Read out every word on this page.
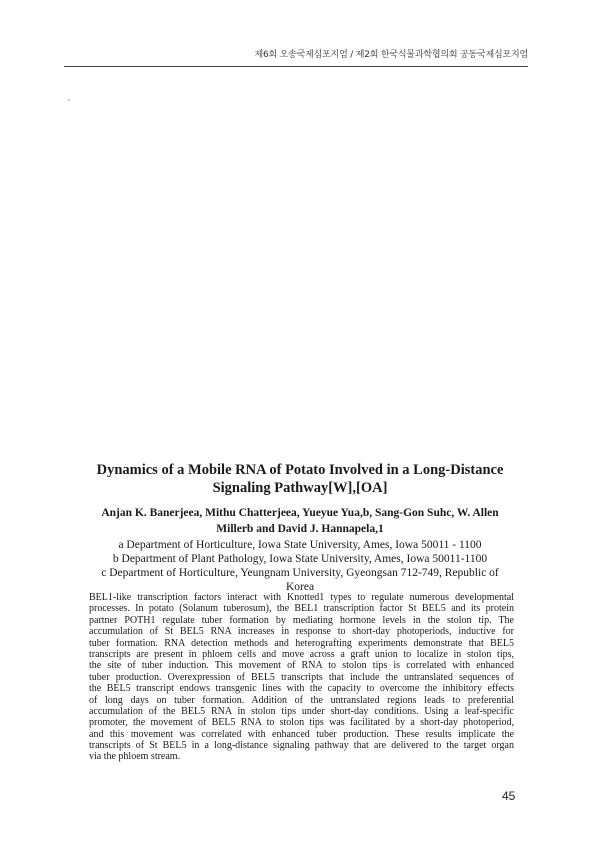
제6회 오송국제심포지엄 / 제2회 한국식물과학협의회 공동국제심포지엄
Dynamics of a Mobile RNA of Potato Involved in a Long-Distance
Signaling Pathway[W],[OA]
Anjan K. Banerjeea, Mithu Chatterjeea, Yueyue Yua,b, Sang-Gon Suhc, W. Allen
Millerb and David J. Hannapela,1
a Department of Horticulture, Iowa State University, Ames, Iowa 50011 - 1100
b Department of Plant Pathology, Iowa State University, Ames, Iowa 50011-1100
c Department of Horticulture, Yeungnam University, Gyeongsan 712-749, Republic of
Korea
BEL1-like transcription factors interact with Knotted1 types to regulate numerous developmental
processes. In potato (Solanum tuberosum), the BEL1 transcription factor St BEL5 and its protein
partner POTH1 regulate tuber formation by mediating hormone levels in the stolon tip. The
accumulation of St BEL5 RNA increases in response to short-day photoperiods, inductive for
tuber formation. RNA detection methods and heterografting experiments demonstrate that BEL5
transcripts are present in phloem cells and move across a graft union to localize in stolon tips,
the site of tuber induction. This movement of RNA to stolon tips is correlated with enhanced
tuber production. Overexpression of BEL5 transcripts that include the untranslated sequences of
the BEL5 transcript endows transgenic lines with the capacity to overcome the inhibitory effects
of long days on tuber formation. Addition of the untranslated regions leads to preferential
accumulation of the BEL5 RNA in stolon tips under short-day conditions. Using a leaf-specific
promoter, the movement of BEL5 RNA to stolon tips was facilitated by a short-day photoperiod,
and this movement was correlated with enhanced tuber production. These results implicate the
transcripts of St BEL5 in a long-distance signaling pathway that are delivered to the target organ
via the phloem stream.
45
